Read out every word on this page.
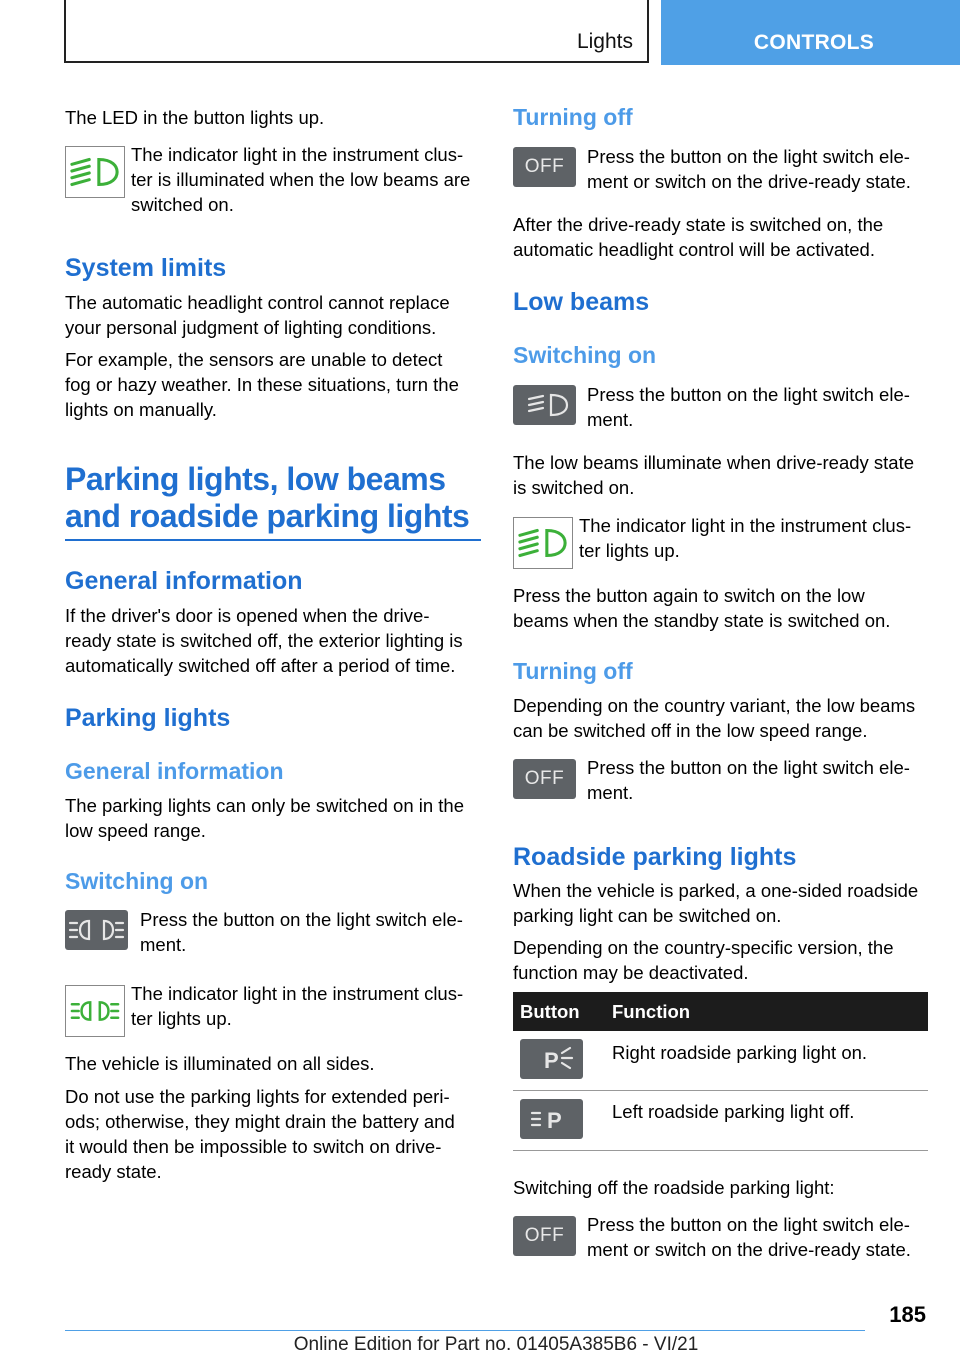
Lights	CONTROLS

The LED in the button lights up.

The indicator light in the instrument clus‐
ter is illuminated when the low beams are
switched on.

System limits

The automatic headlight control cannot replace
your personal judgment of lighting conditions.

For example, the sensors are unable to detect
fog or hazy weather. In these situations, turn the
lights on manually.

Parking lights, low beams
and roadside parking lights
General information

If the driver's door is opened when the drive‐
ready state is switched off, the exterior lighting is
automatically switched off after a period of time.

Parking lights
General information

The parking lights can only be switched on in the
low speed range.

Switching on

Press the button on the light switch ele‐
ment.

The indicator light in the instrument clus‐
ter lights up.

The vehicle is illuminated on all sides.

Do not use the parking lights for extended peri‐
ods; otherwise, they might drain the battery and
it would then be impossible to switch on drive‐
ready state.

Turning off
OFF	Press the button on the light switch ele‐
ment or switch on the drive-ready state.

After the drive-ready state is switched on, the
automatic headlight control will be activated.

Low beams
Switching on

Press the button on the light switch ele‐
ment.

The low beams illuminate when drive-ready state
is switched on.

The indicator light in the instrument clus‐
ter lights up.

Press the button again to switch on the low
beams when the standby state is switched on.

Turning off

Depending on the country variant, the low beams
can be switched off in the low speed range.

OFF

Press the button on the light switch ele‐
ment.

Roadside parking lights

When the vehicle is parked, a one-sided roadside
parking light can be switched on.

Depending on the country-specific version, the
function may be deactivated.

Button Function
P	Right roadside parking light on.

P	Left roadside parking light off.

Switching off the roadside parking light:

OFF

Press the button on the light switch ele‐
ment or switch on the drive-ready state.

185
Online Edition for Part no. 01405A385B6 - VI/21
